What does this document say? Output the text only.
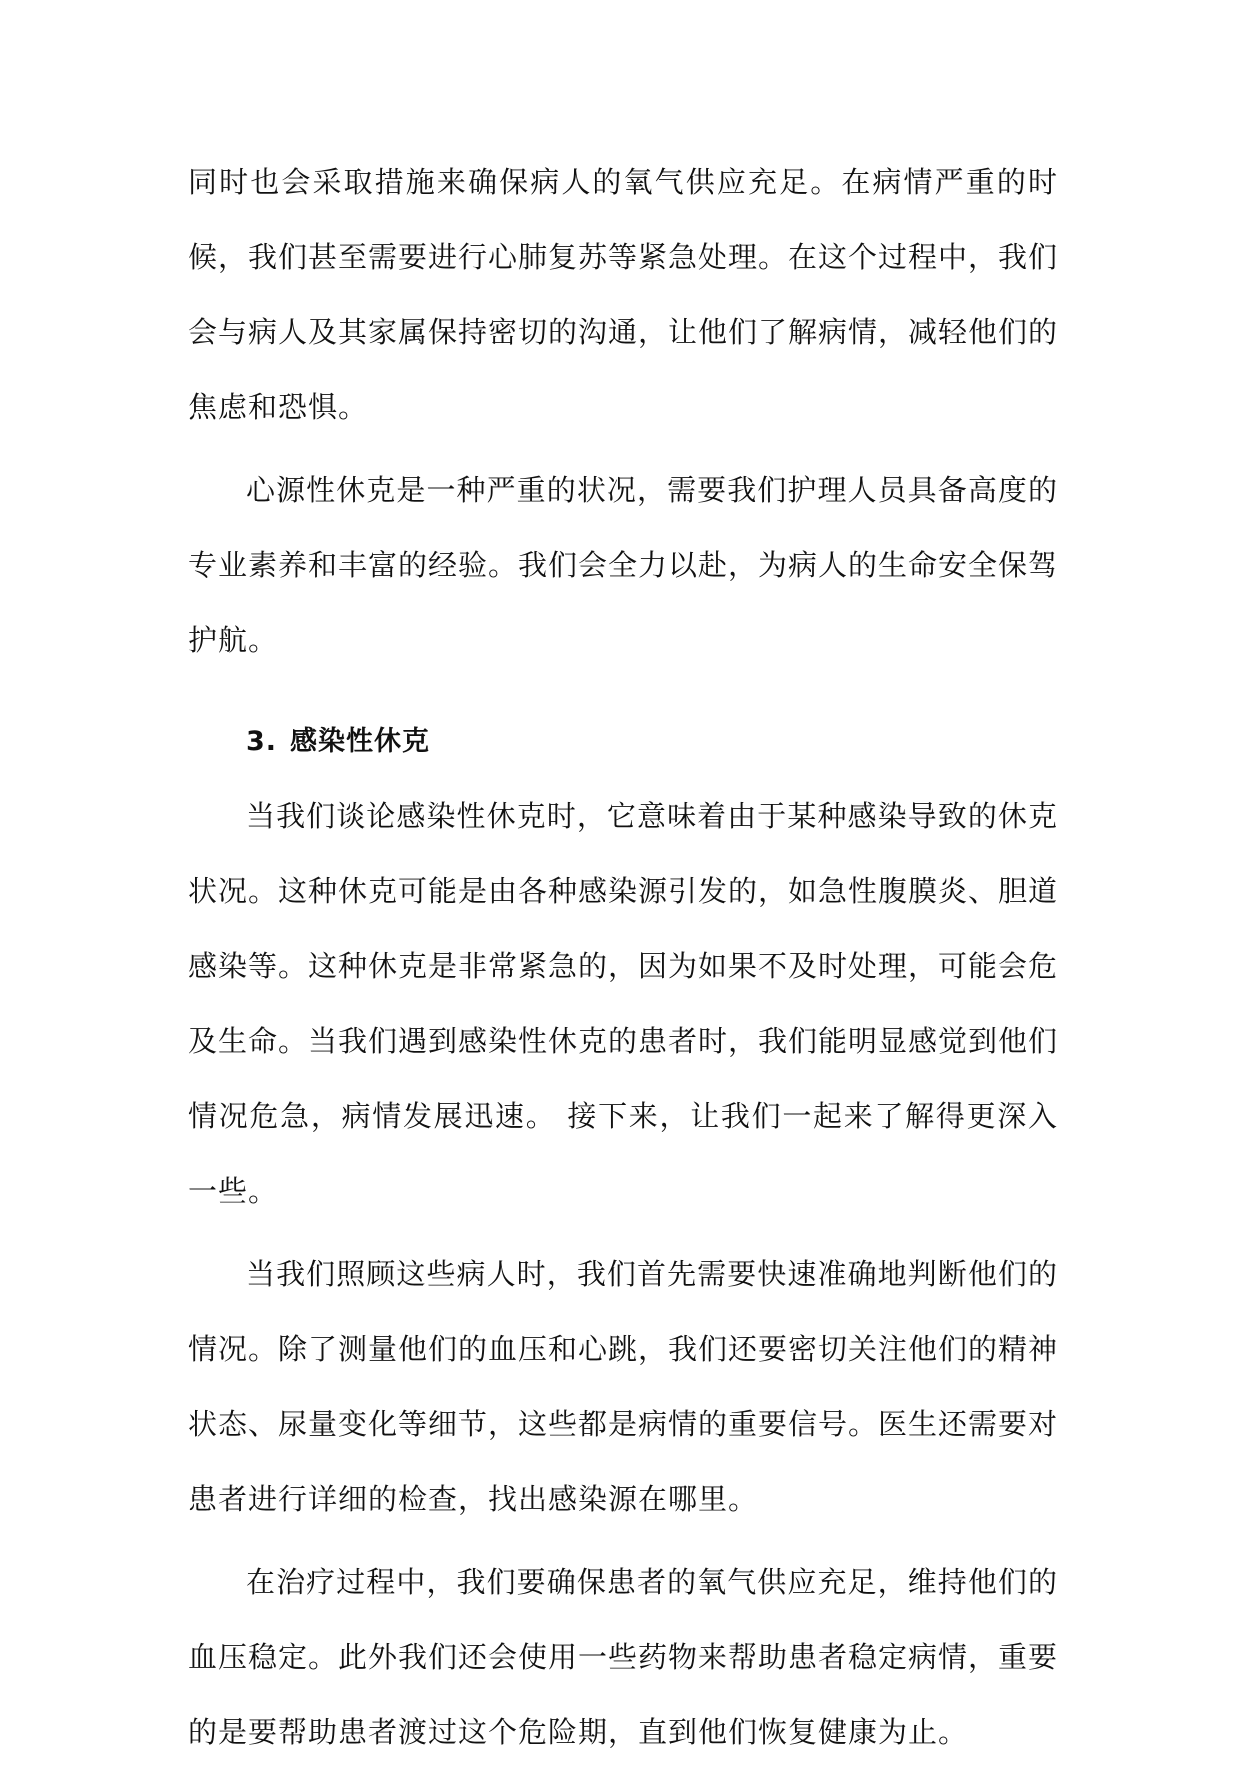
同时也会采取措施来确保病人的氧气供应充足。在病情严重的时候，我们甚至需要进行心肺复苏等紧急处理。在这个过程中，我们会与病人及其家属保持密切的沟通，让他们了解病情，减轻他们的焦虑和恐惧。

心源性休克是一种严重的状况，需要我们护理人员具备高度的专业素养和丰富的经验。我们会全力以赴，为病人的生命安全保驾护航。

3. 感染性休克

当我们谈论感染性休克时，它意味着由于某种感染导致的休克状况。这种休克可能是由各种感染源引发的，如急性腹膜炎、胆道感染等。这种休克是非常紧急的，因为如果不及时处理，可能会危及生命。当我们遇到感染性休克的患者时，我们能明显感觉到他们情况危急，病情发展迅速。 接下来，让我们一起来了解得更深入一些。

当我们照顾这些病人时，我们首先需要快速准确地判断他们的情况。除了测量他们的血压和心跳，我们还要密切关注他们的精神状态、尿量变化等细节，这些都是病情的重要信号。医生还需要对患者进行详细的检查，找出感染源在哪里。

在治疗过程中，我们要确保患者的氧气供应充足，维持他们的血压稳定。此外我们还会使用一些药物来帮助患者稳定病情，重要的是要帮助患者渡过这个危险期，直到他们恢复健康为止。
